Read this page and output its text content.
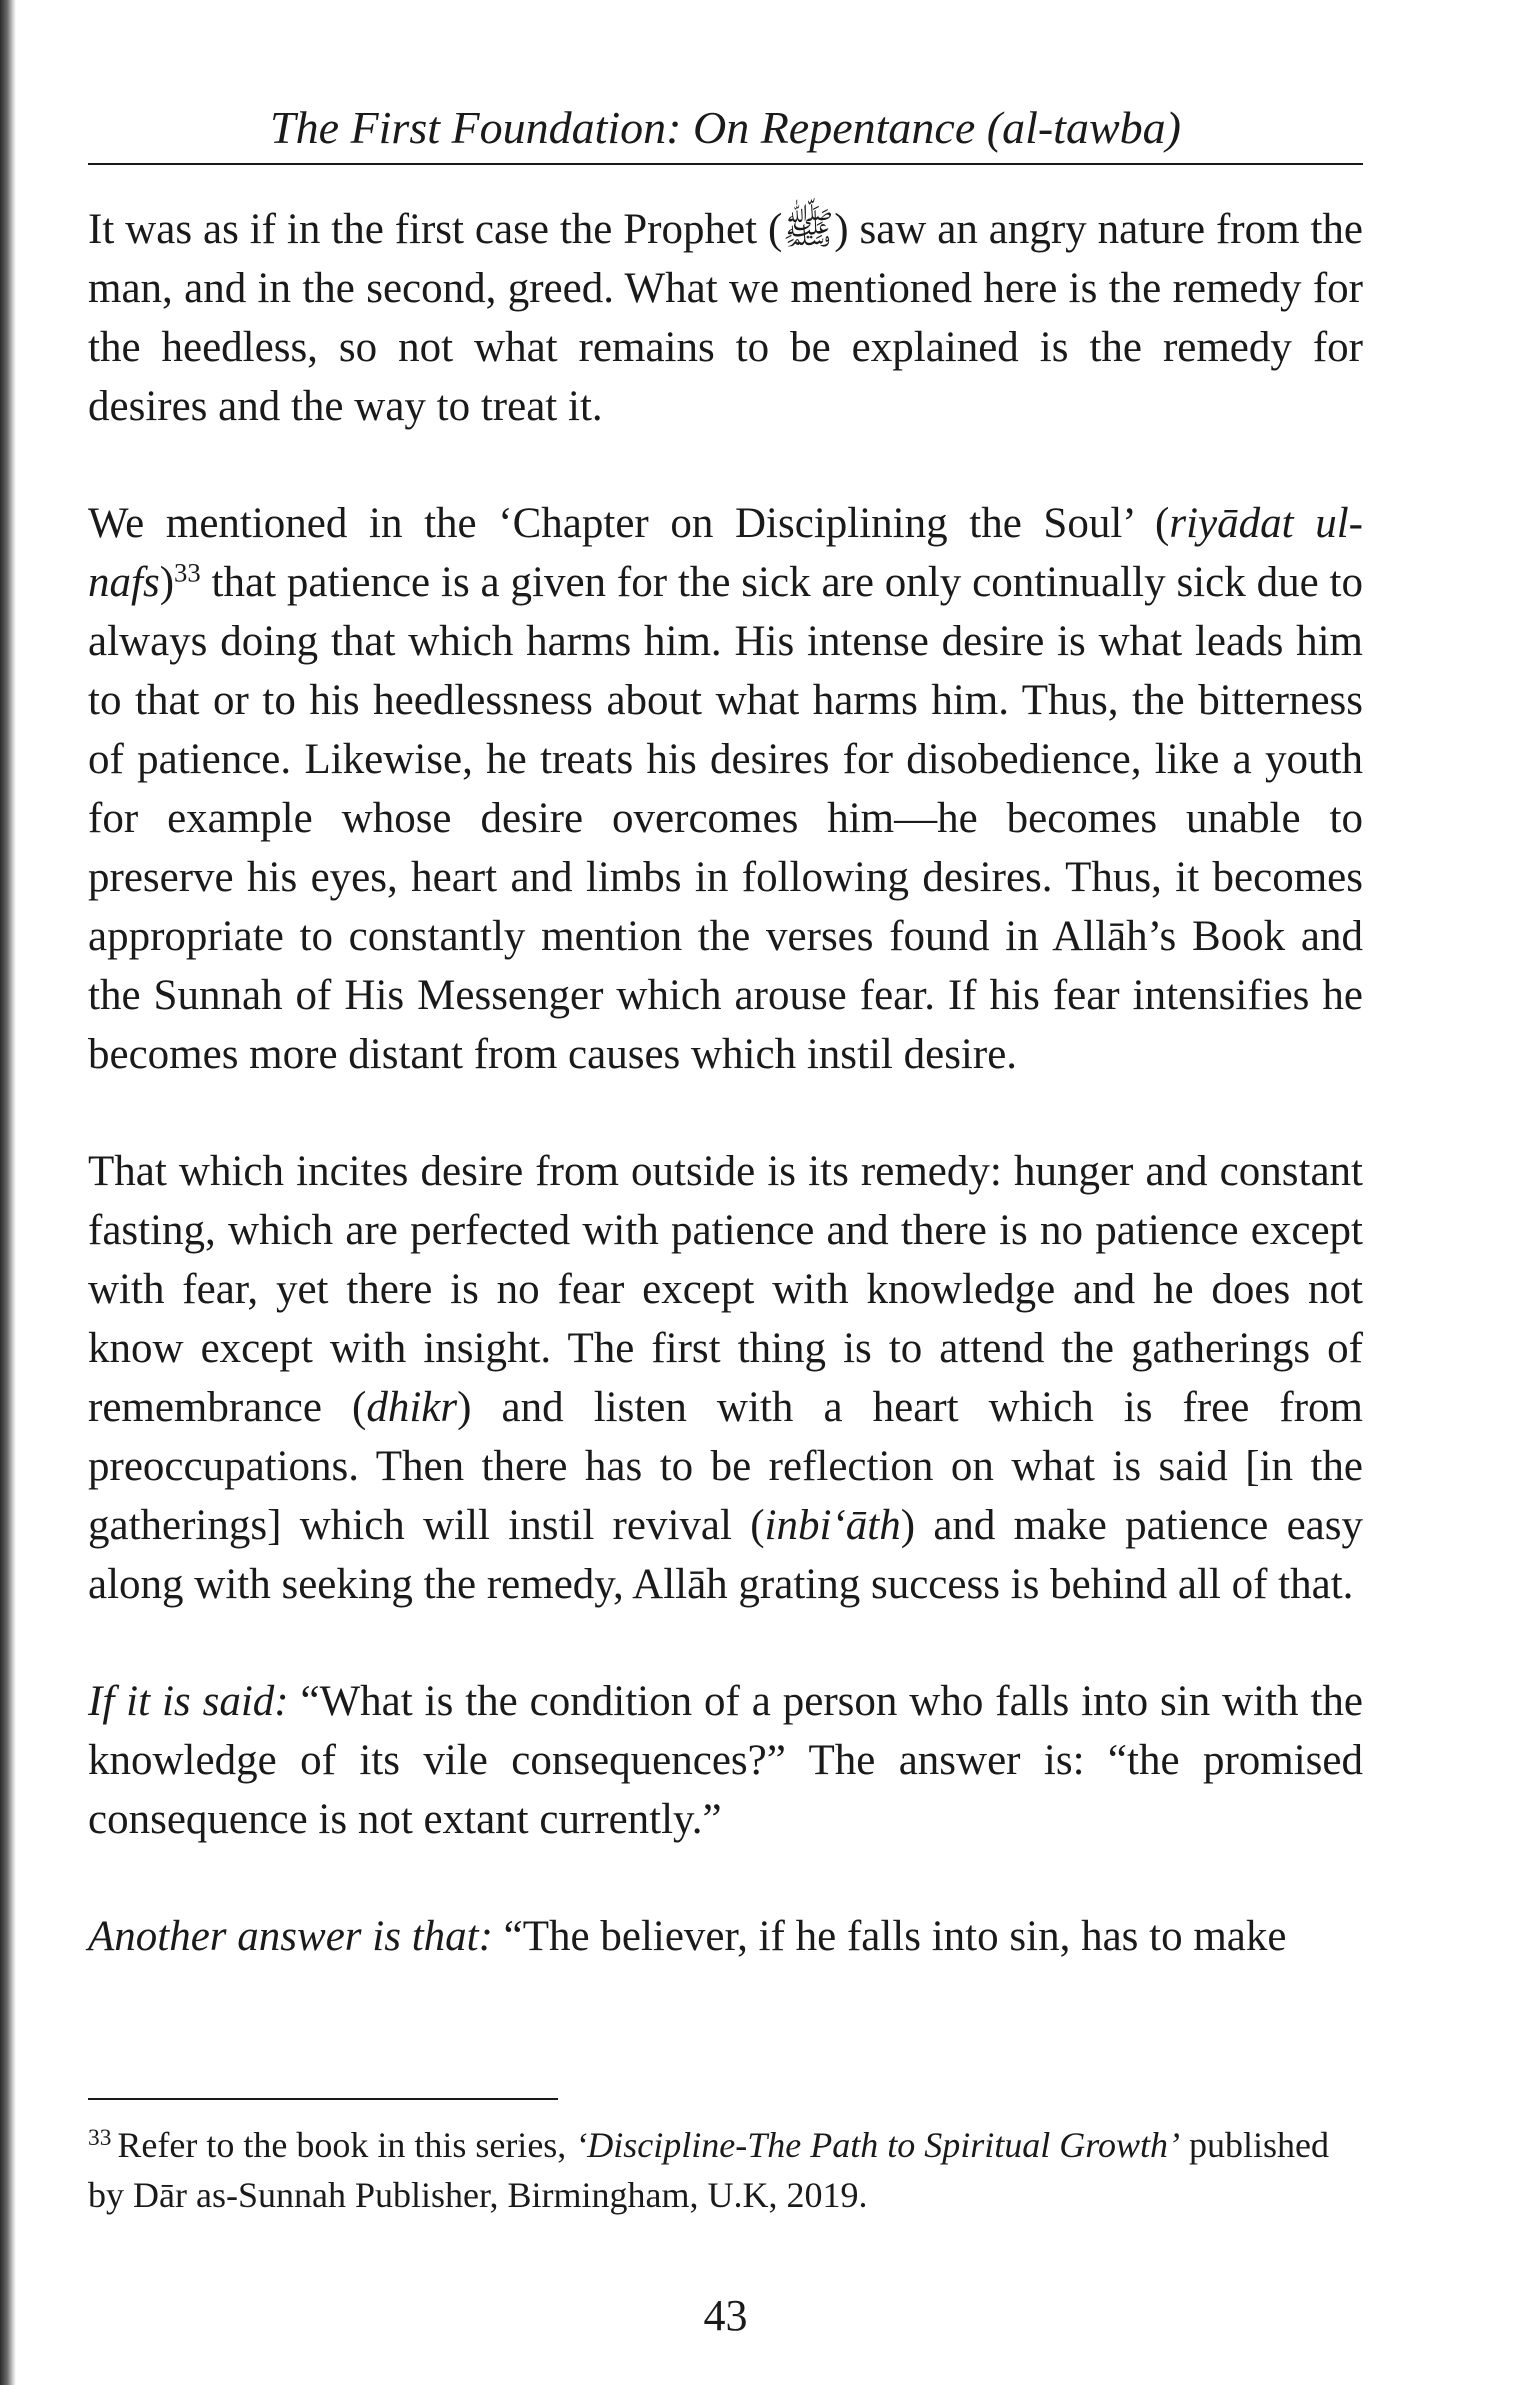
The First Foundation: On Repentance (al-tawba)

It was as if in the first case the Prophet (ﷺ) saw an angry nature from the man, and in the second, greed. What we mentioned here is the remedy for the heedless, so not what remains to be explained is the remedy for desires and the way to treat it.

We mentioned in the ‘Chapter on Disciplining the Soul’ (riyādat ul-nafs)$^{33}$ that patience is a given for the sick are only continually sick due to always doing that which harms him. His intense desire is what leads him to that or to his heedlessness about what harms him. Thus, the bitterness of patience. Likewise, he treats his desires for disobedience, like a youth for example whose desire overcomes him—he becomes unable to preserve his eyes, heart and limbs in following desires. Thus, it becomes appropriate to constantly mention the verses found in Allāh’s Book and the Sunnah of His Messenger which arouse fear. If his fear intensifies he becomes more distant from causes which instil desire.

That which incites desire from outside is its remedy: hunger and constant fasting, which are perfected with patience and there is no patience except with fear, yet there is no fear except with knowledge and he does not know except with insight. The first thing is to attend the gatherings of remembrance (dhikr) and listen with a heart which is free from preoccupations. Then there has to be reflection on what is said [in the gatherings] which will instil revival (inbi‘āth) and make patience easy along with seeking the remedy, Allāh grating success is behind all of that.

If it is said: “What is the condition of a person who falls into sin with the knowledge of its vile consequences?” The answer is: “the promised consequence is not extant currently.”

Another answer is that: “The believer, if he falls into sin, has to make

$^{33}$ Refer to the book in this series, ‘Discipline-The Path to Spiritual Growth’ published by Dār as-Sunnah Publisher, Birmingham, U.K, 2019.
43
